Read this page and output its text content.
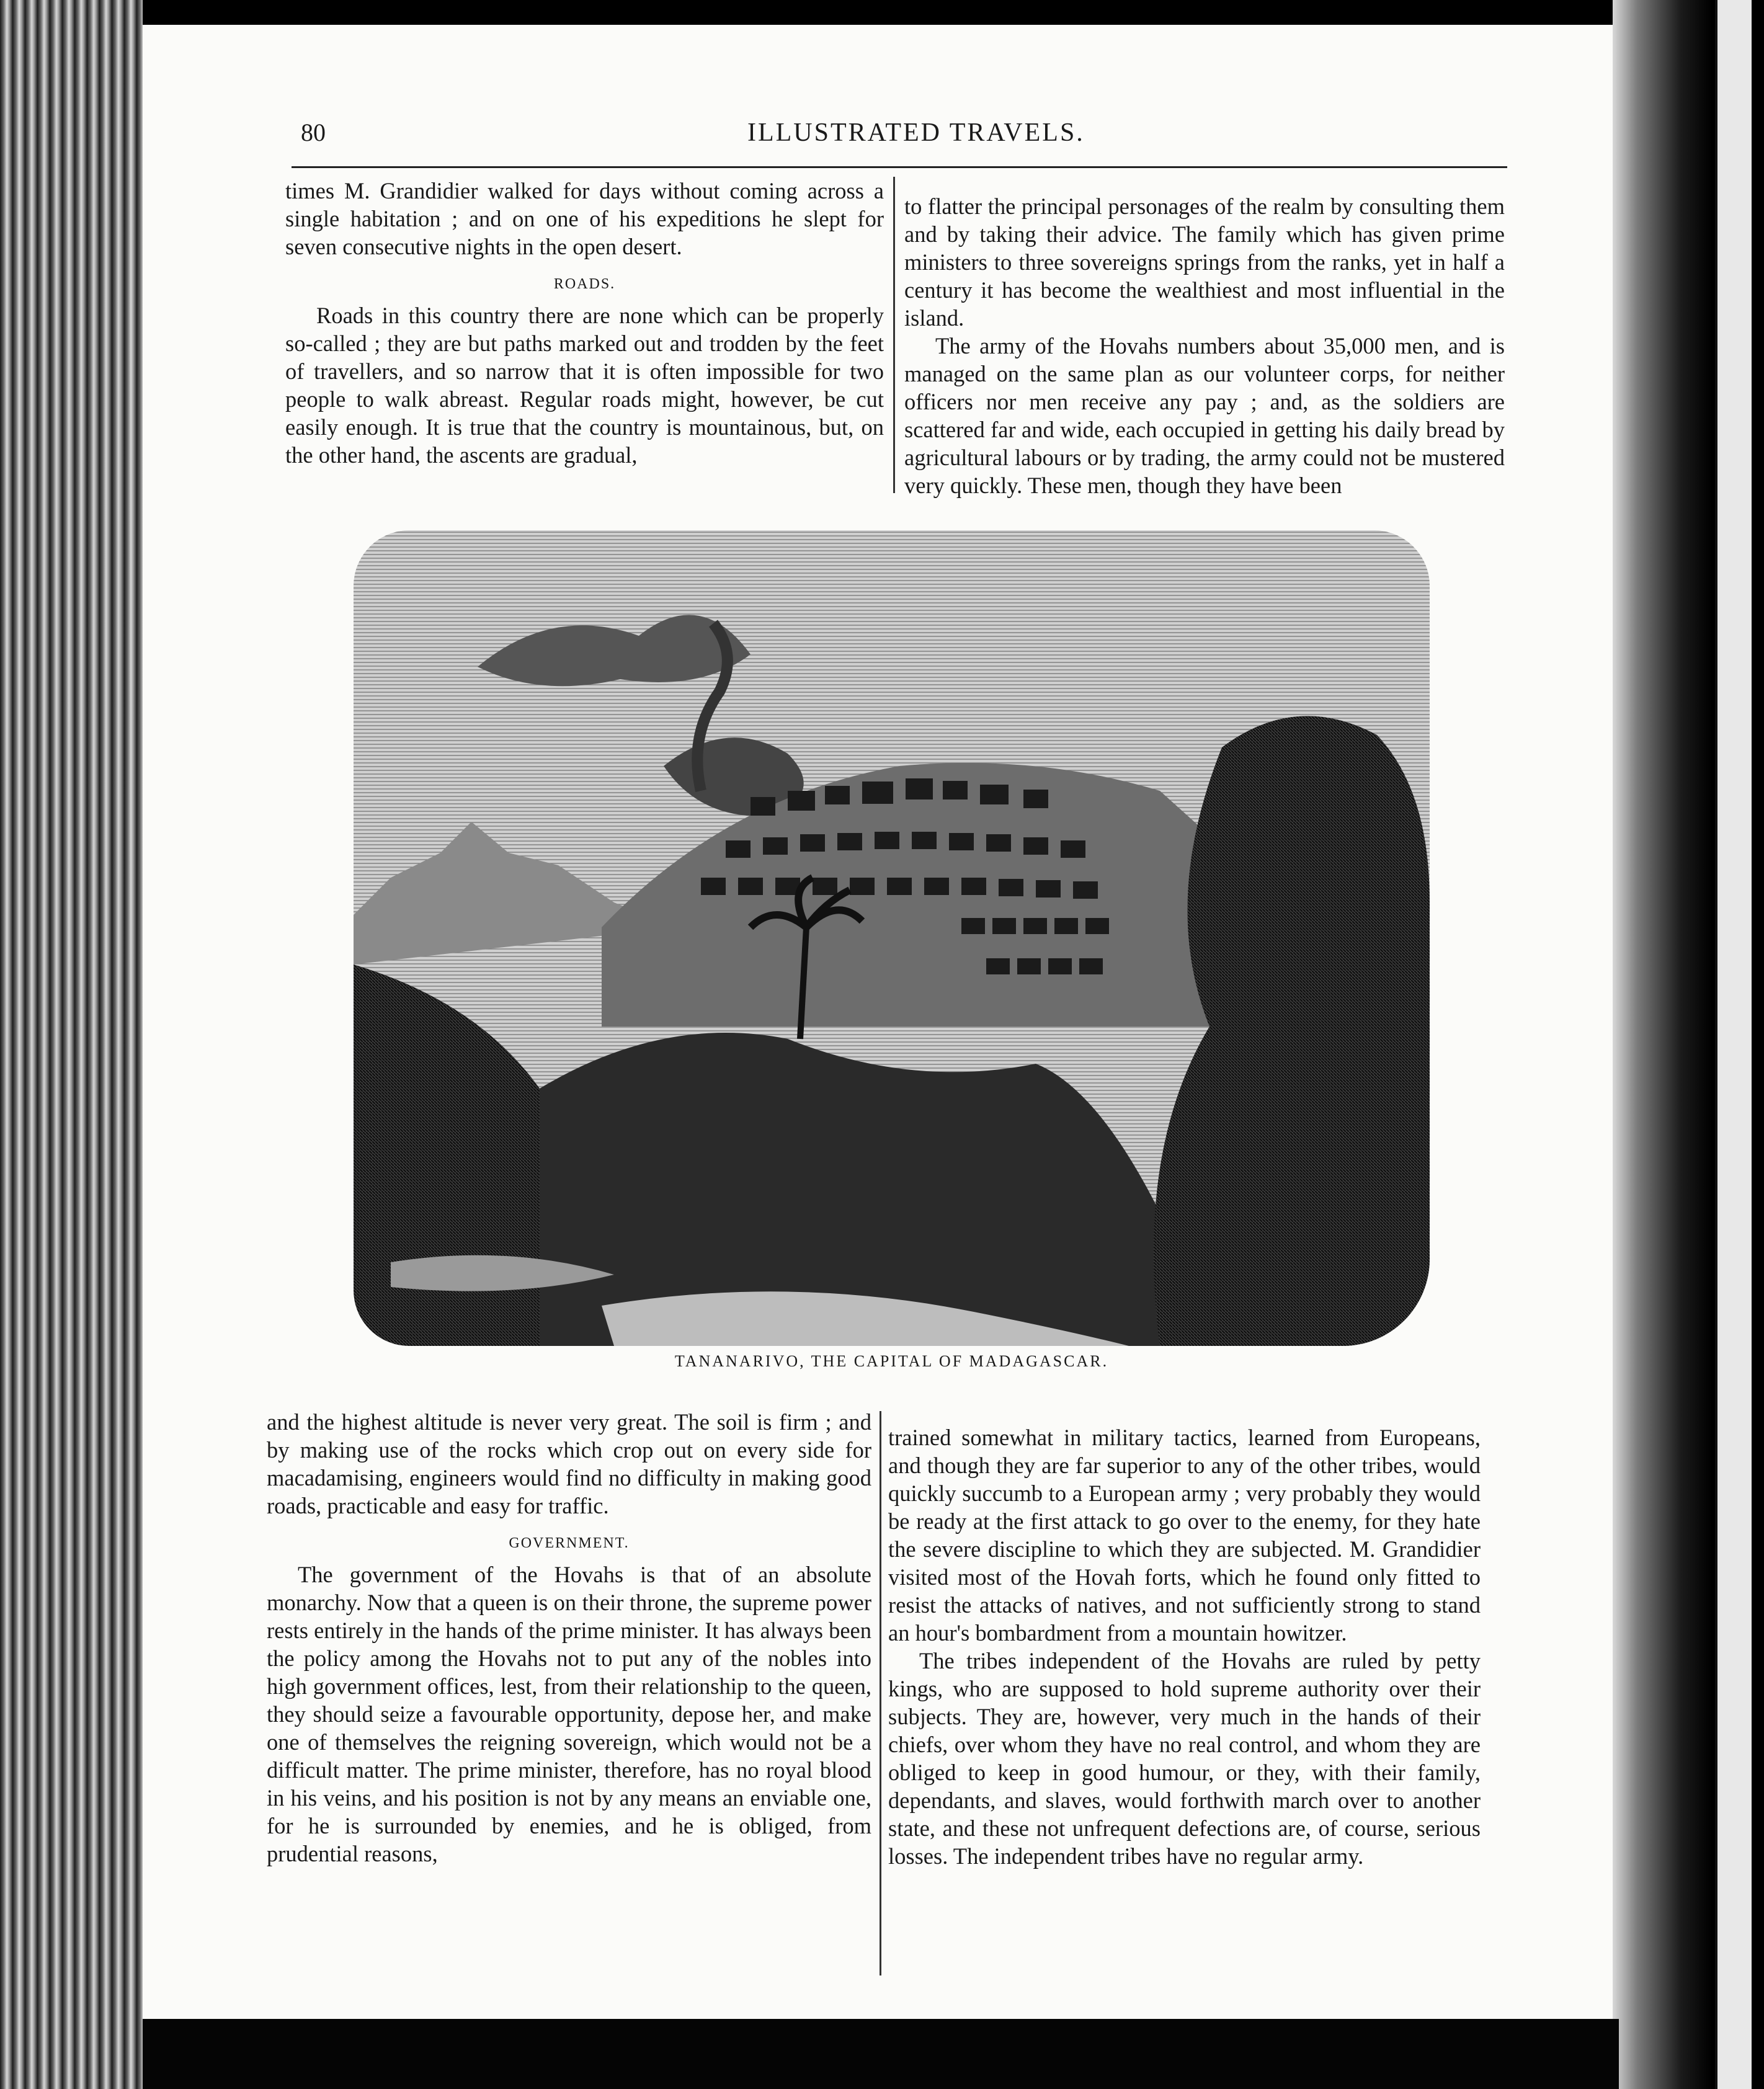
80	ILLUSTRATED TRAVELS.

times M. Grandidier walked for days without coming across a single habitation ; and on one of his expeditions he slept for seven consecutive nights in the open desert.

ROADS.

Roads in this country there are none which can be properly so-called ; they are but paths marked out and trodden by the feet of travellers, and so narrow that it is often impossible for two people to walk abreast. Regular roads might, however, be cut easily enough. It is true that the country is mountainous, but, on the other hand, the ascents are gradual,

to flatter the principal personages of the realm by consulting them and by taking their advice. The family which has given prime ministers to three sovereigns springs from the ranks, yet in half a century it has become the wealthiest and most influential in the island.

The army of the Hovahs numbers about 35,000 men, and is managed on the same plan as our volunteer corps, for neither officers nor men receive any pay ; and, as the soldiers are scattered far and wide, each occupied in getting his daily bread by agricultural labours or by trading, the army could not be mustered very quickly. These men, though they have been

TANANARIVO, THE CAPITAL OF MADAGASCAR.

and the highest altitude is never very great. The soil is firm ; and by making use of the rocks which crop out on every side for macadamising, engineers would find no difficulty in making good roads, practicable and easy for traffic.

GOVERNMENT.

The government of the Hovahs is that of an absolute monarchy. Now that a queen is on their throne, the supreme power rests entirely in the hands of the prime minister. It has always been the policy among the Hovahs not to put any of the nobles into high government offices, lest, from their relationship to the queen, they should seize a favourable opportunity, depose her, and make one of themselves the reigning sovereign, which would not be a difficult matter. The prime minister, therefore, has no royal blood in his veins, and his position is not by any means an enviable one, for he is surrounded by enemies, and he is obliged, from prudential reasons,

trained somewhat in military tactics, learned from Europeans, and though they are far superior to any of the other tribes, would quickly succumb to a European army ; very probably they would be ready at the first attack to go over to the enemy, for they hate the severe discipline to which they are subjected. M. Grandidier visited most of the Hovah forts, which he found only fitted to resist the attacks of natives, and not sufficiently strong to stand an hour's bombardment from a mountain howitzer.

The tribes independent of the Hovahs are ruled by petty kings, who are supposed to hold supreme authority over their subjects. They are, however, very much in the hands of their chiefs, over whom they have no real control, and whom they are obliged to keep in good humour, or they, with their family, dependants, and slaves, would forthwith march over to another state, and these not unfrequent defections are, of course, serious losses. The independent tribes have no regular army.
